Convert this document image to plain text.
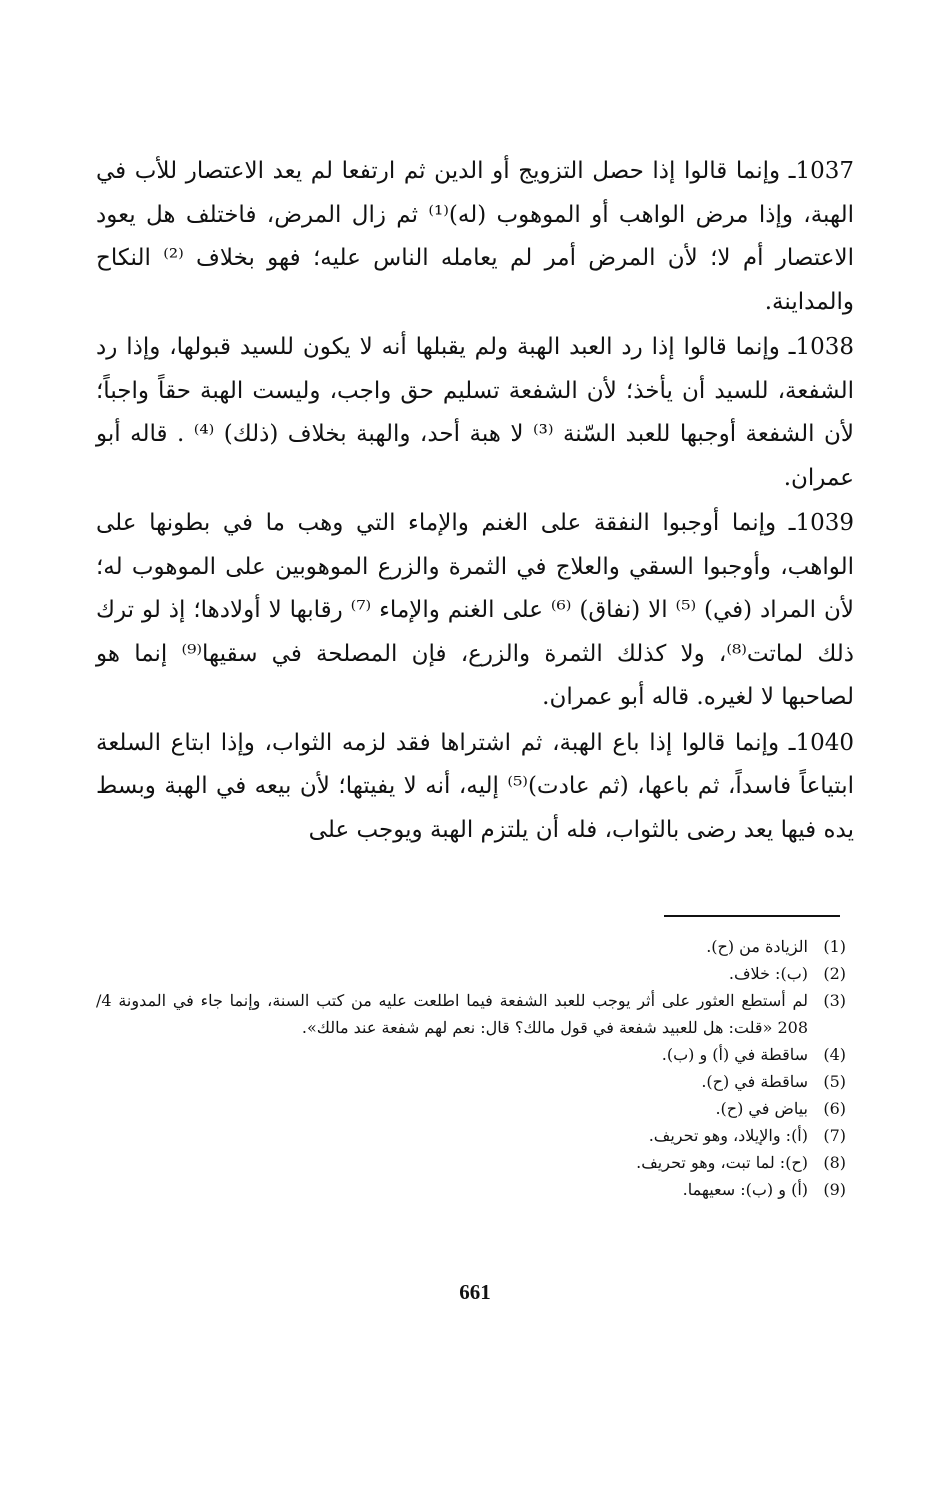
1037ـ وإنما قالوا إذا حصل التزويج أو الدين ثم ارتفعا لم يعد الاعتصار للأب في الهبة، وإذا مرض الواهب أو الموهوب (له)⁽¹⁾ ثم زال المرض، فاختلف هل يعود الاعتصار أم لا؛ لأن المرض أمر لم يعامله الناس عليه؛ فهو بخلاف ⁽²⁾ النكاح والمداينة.

1038ـ وإنما قالوا إذا رد العبد الهبة ولم يقبلها أنه لا يكون للسيد قبولها، وإذا رد الشفعة، للسيد أن يأخذ؛ لأن الشفعة تسليم حق واجب، وليست الهبة حقاً واجباً؛ لأن الشفعة أوجبها للعبد السّنة ⁽³⁾ لا هبة أحد، والهبة بخلاف (ذلك) ⁽⁴⁾ . قاله أبو عمران.

1039ـ وإنما أوجبوا النفقة على الغنم والإماء التي وهب ما في بطونها على الواهب، وأوجبوا السقي والعلاج في الثمرة والزرع الموهوبين على الموهوب له؛ لأن المراد (في) ⁽⁵⁾ الا (نفاق) ⁽⁶⁾ على الغنم والإماء ⁽⁷⁾ رقابها لا أولادها؛ إذ لو ترك ذلك لماتت⁽⁸⁾، ولا كذلك الثمرة والزرع، فإن المصلحة في سقيها⁽⁹⁾ إنما هو لصاحبها لا لغيره. قاله أبو عمران.

1040ـ وإنما قالوا إذا باع الهبة، ثم اشتراها فقد لزمه الثواب، وإذا ابتاع السلعة ابتياعاً فاسداً، ثم باعها، (ثم عادت)⁽⁵⁾ إليه، أنه لا يفيتها؛ لأن بيعه في الهبة وبسط يده فيها يعد رضى بالثواب، فله أن يلتزم الهبة ويوجب على

(1)
الزيادة من (ح).
(2)
(ب): خلاف.
(3)
لم أستطع العثور على أثر يوجب للعبد الشفعة فيما اطلعت عليه من كتب السنة، وإنما جاء في المدونة 4/ 208 «قلت: هل للعبيد شفعة في قول مالك؟ قال: نعم لهم شفعة عند مالك».
(4)
ساقطة في (أ) و (ب).
(5)
ساقطة في (ح).
(6)
بياض في (ح).
(7)
(أ): والإيلاد، وهو تحريف.
(8)
(ح): لما تبت، وهو تحريف.
(9)
(أ) و (ب): سعيهما.
661
